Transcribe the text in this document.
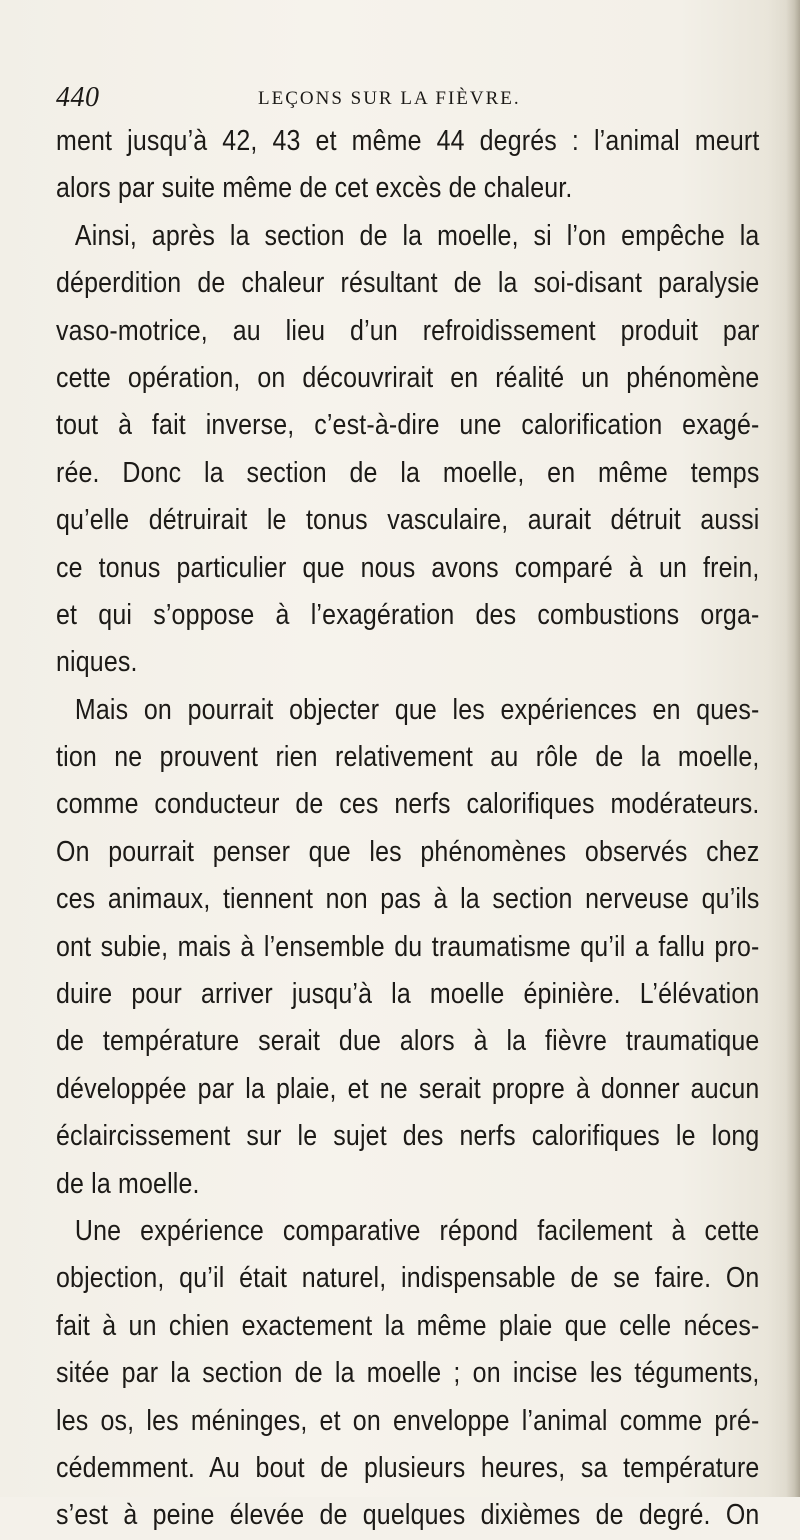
440	LEÇONS SUR LA FIÈVRE.
ment jusqu’à 42, 43 et même 44 degrés : l’animal meurt
alors par suite même de cet excès de chaleur.
Ainsi, après la section de la moelle, si l’on empêche la
déperdition de chaleur résultant de la soi-disant paralysie
vaso-motrice, au lieu d’un refroidissement produit par
cette opération, on découvrirait en réalité un phénomène
tout à fait inverse, c’est-à-dire une calorification exagé-
rée. Donc la section de la moelle, en même temps
qu’elle détruirait le tonus vasculaire, aurait détruit aussi
ce tonus particulier que nous avons comparé à un frein,
et qui s’oppose à l’exagération des combustions orga-
niques.
Mais on pourrait objecter que les expériences en ques-
tion ne prouvent rien relativement au rôle de la moelle,
comme conducteur de ces nerfs calorifiques modérateurs.
On pourrait penser que les phénomènes observés chez
ces animaux, tiennent non pas à la section nerveuse qu’ils
ont subie, mais à l’ensemble du traumatisme qu’il a fallu pro-
duire pour arriver jusqu’à la moelle épinière. L’élévation
de température serait due alors à la fièvre traumatique
développée par la plaie, et ne serait propre à donner aucun
éclaircissement sur le sujet des nerfs calorifiques le long
de la moelle.
Une expérience comparative répond facilement à cette
objection, qu’il était naturel, indispensable de se faire. On
fait à un chien exactement la même plaie que celle néces-
sitée par la section de la moelle ; on incise les téguments,
les os, les méninges, et on enveloppe l’animal comme pré-
cédemment. Au bout de plusieurs heures, sa température
s’est à peine élevée de quelques dixièmes de degré. On
